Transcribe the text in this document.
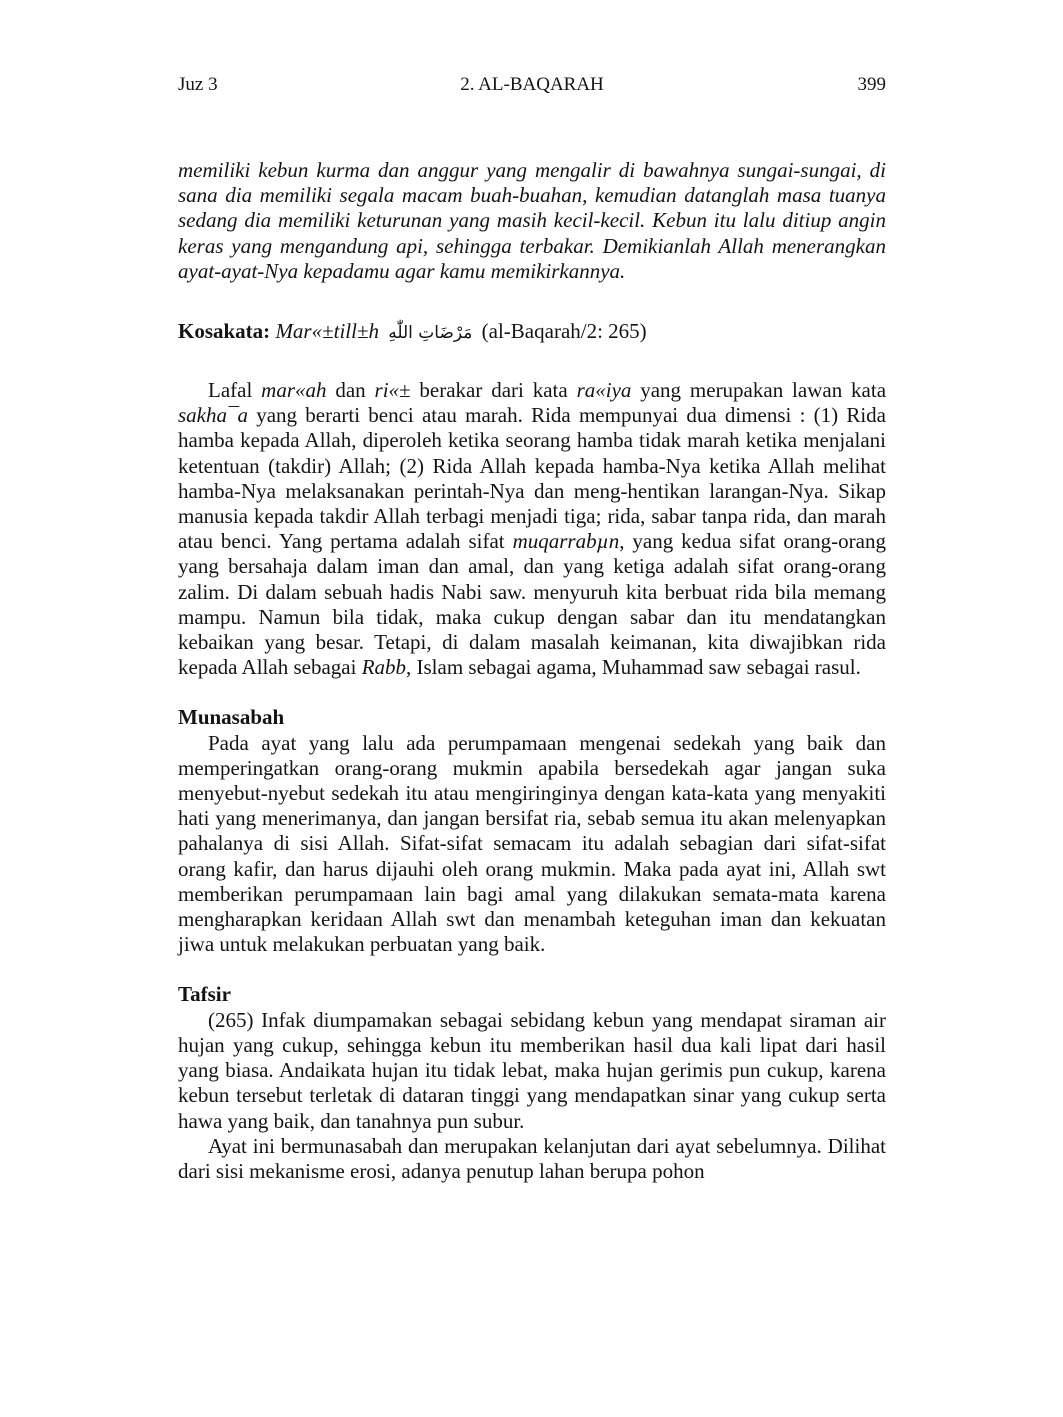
Juz 3	2. AL-BAQARAH	399

memiliki kebun kurma dan anggur yang mengalir di bawahnya sungai-sungai, di sana dia memiliki segala macam buah-buahan, kemudian datanglah masa tuanya sedang dia memiliki keturunan yang masih kecil-kecil. Kebun itu lalu ditiup angin keras yang mengandung api, sehingga terbakar. Demikianlah Allah menerangkan ayat-ayat-Nya kepadamu agar kamu memikirkannya.

Kosakata: Mar«±till±h مَرْضَاتِ اللّٰهِ (al-Baqarah/2: 265)

Lafal mar«ah dan ri«± berakar dari kata ra«iya yang merupakan lawan kata sakha¯a yang berarti benci atau marah. Rida mempunyai dua dimensi : (1) Rida hamba kepada Allah, diperoleh ketika seorang hamba tidak marah ketika menjalani ketentuan (takdir) Allah; (2) Rida Allah kepada hamba-Nya ketika Allah melihat hamba-Nya melaksanakan perintah-Nya dan meng-hentikan larangan-Nya. Sikap manusia kepada takdir Allah terbagi menjadi tiga; rida, sabar tanpa rida, dan marah atau benci. Yang pertama adalah sifat muqarrabµn, yang kedua sifat orang-orang yang bersahaja dalam iman dan amal, dan yang ketiga adalah sifat orang-orang zalim. Di dalam sebuah hadis Nabi saw. menyuruh kita berbuat rida bila memang mampu. Namun bila tidak, maka cukup dengan sabar dan itu mendatangkan kebaikan yang besar. Tetapi, di dalam masalah keimanan, kita diwajibkan rida kepada Allah sebagai Rabb, Islam sebagai agama, Muhammad saw sebagai rasul.

Munasabah

Pada ayat yang lalu ada perumpamaan mengenai sedekah yang baik dan memperingatkan orang-orang mukmin apabila bersedekah agar jangan suka menyebut-nyebut sedekah itu atau mengiringinya dengan kata-kata yang menyakiti hati yang menerimanya, dan jangan bersifat ria, sebab semua itu akan melenyapkan pahalanya di sisi Allah. Sifat-sifat semacam itu adalah sebagian dari sifat-sifat orang kafir, dan harus dijauhi oleh orang mukmin. Maka pada ayat ini, Allah swt memberikan perumpamaan lain bagi amal yang dilakukan semata-mata karena mengharapkan keridaan Allah swt dan menambah keteguhan iman dan kekuatan jiwa untuk melakukan perbuatan yang baik.

Tafsir

(265) Infak diumpamakan sebagai sebidang kebun yang mendapat siraman air hujan yang cukup, sehingga kebun itu memberikan hasil dua kali lipat dari hasil yang biasa. Andaikata hujan itu tidak lebat, maka hujan gerimis pun cukup, karena kebun tersebut terletak di dataran tinggi yang mendapatkan sinar yang cukup serta hawa yang baik, dan tanahnya pun subur.

Ayat ini bermunasabah dan merupakan kelanjutan dari ayat sebelumnya. Dilihat dari sisi mekanisme erosi, adanya penutup lahan berupa pohon
